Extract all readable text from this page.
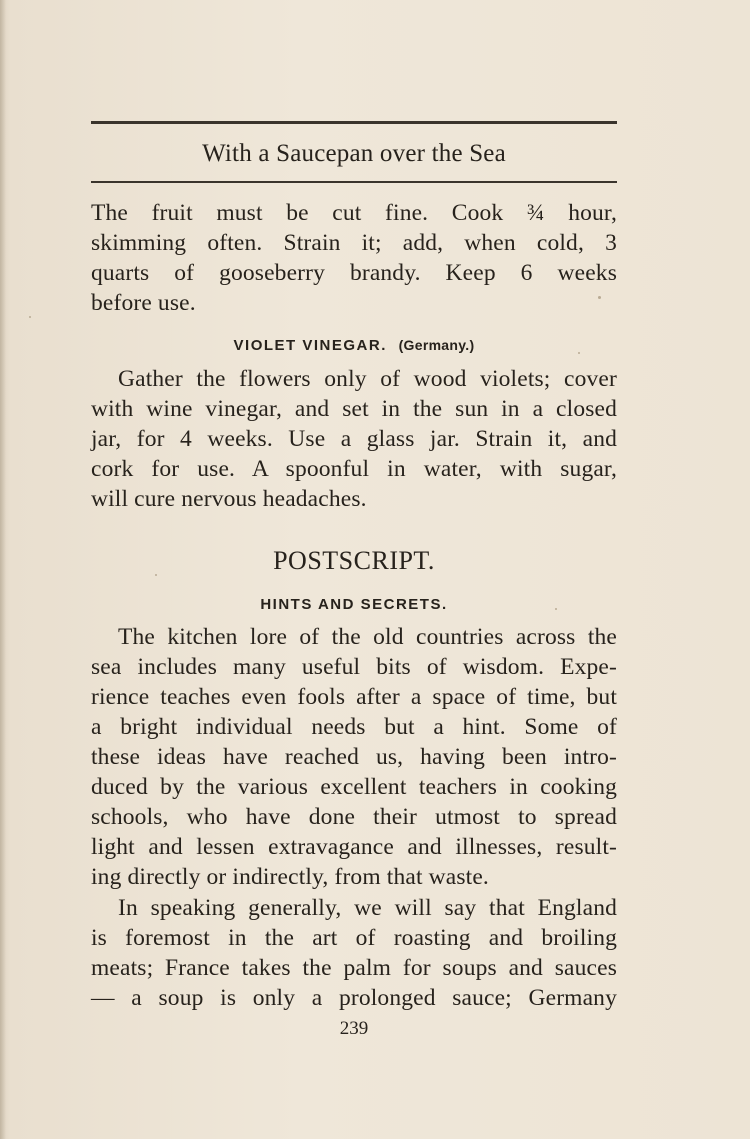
With a Saucepan over the Sea
The fruit must be cut fine. Cook ¾ hour,
skimming often. Strain it; add, when cold, 3
quarts of gooseberry brandy. Keep 6 weeks
before use.
VIOLET VINEGAR. (Germany.)
Gather the flowers only of wood violets; cover
with wine vinegar, and set in the sun in a closed
jar, for 4 weeks. Use a glass jar. Strain it, and
cork for use. A spoonful in water, with sugar,
will cure nervous headaches.
POSTSCRIPT.
HINTS AND SECRETS.
The kitchen lore of the old countries across the
sea includes many useful bits of wisdom. Expe-
rience teaches even fools after a space of time, but
a bright individual needs but a hint. Some of
these ideas have reached us, having been intro-
duced by the various excellent teachers in cooking
schools, who have done their utmost to spread
light and lessen extravagance and illnesses, result-
ing directly or indirectly, from that waste.
In speaking generally, we will say that England
is foremost in the art of roasting and broiling
meats; France takes the palm for soups and sauces
— a soup is only a prolonged sauce; Germany
239
